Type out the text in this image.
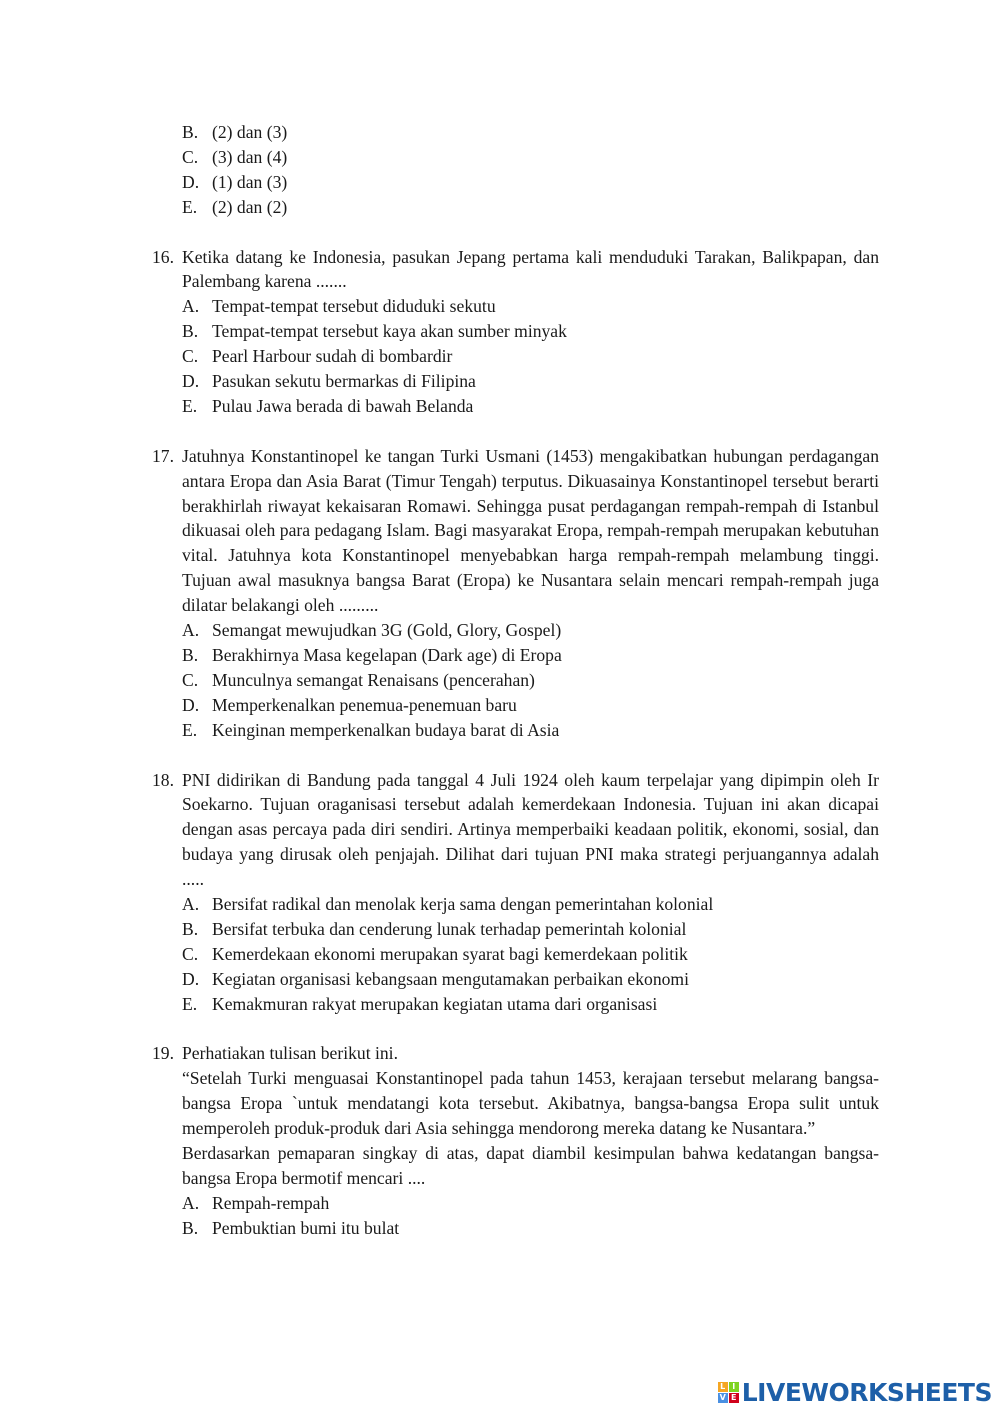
B. (2) dan (3)
C. (3) dan (4)
D. (1) dan (3)
E. (2) dan (2)
16. Ketika datang ke Indonesia, pasukan Jepang pertama kali menduduki Tarakan, Balikpapan, dan Palembang karena .......
A. Tempat-tempat tersebut diduduki sekutu
B. Tempat-tempat tersebut kaya akan sumber minyak
C. Pearl Harbour sudah di bombardir
D. Pasukan sekutu bermarkas di Filipina
E. Pulau Jawa berada di bawah Belanda
17. Jatuhnya Konstantinopel ke tangan Turki Usmani (1453) mengakibatkan hubungan perdagangan antara Eropa dan Asia Barat (Timur Tengah) terputus. Dikuasainya Konstantinopel tersebut berarti berakhirlah riwayat kekaisaran Romawi. Sehingga pusat perdagangan rempah-rempah di Istanbul dikuasai oleh para pedagang Islam. Bagi masyarakat Eropa, rempah-rempah merupakan kebutuhan vital. Jatuhnya kota Konstantinopel menyebabkan harga rempah-rempah melambung tinggi. Tujuan awal masuknya bangsa Barat (Eropa) ke Nusantara selain mencari rempah-rempah juga dilatar belakangi oleh .........
A. Semangat mewujudkan 3G (Gold, Glory, Gospel)
B. Berakhirnya Masa kegelapan (Dark age) di Eropa
C. Munculnya semangat Renaisans (pencerahan)
D. Memperkenalkan penemua-penemuan baru
E. Keinginan memperkenalkan budaya barat di Asia
18. PNI didirikan di Bandung pada tanggal 4 Juli 1924 oleh kaum terpelajar yang dipimpin oleh Ir Soekarno. Tujuan oraganisasi tersebut adalah kemerdekaan Indonesia. Tujuan ini akan dicapai dengan asas percaya pada diri sendiri. Artinya memperbaiki keadaan politik, ekonomi, sosial, dan budaya yang dirusak oleh penjajah. Dilihat dari tujuan PNI maka strategi perjuangannya adalah .....
A. Bersifat radikal dan menolak kerja sama dengan pemerintahan kolonial
B. Bersifat terbuka dan cenderung lunak terhadap pemerintah kolonial
C. Kemerdekaan ekonomi merupakan syarat bagi kemerdekaan politik
D. Kegiatan organisasi kebangsaan mengutamakan perbaikan ekonomi
E. Kemakmuran rakyat merupakan kegiatan utama dari organisasi
19. Perhatiakan tulisan berikut ini.
“Setelah Turki menguasai Konstantinopel pada tahun 1453, kerajaan tersebut melarang bangsa-bangsa Eropa `untuk mendatangi kota tersebut. Akibatnya, bangsa-bangsa Eropa sulit untuk memperoleh produk-produk dari Asia sehingga mendorong mereka datang ke Nusantara.”
Berdasarkan pemaparan singkay di atas, dapat diambil kesimpulan bahwa kedatangan bangsa-bangsa Eropa bermotif mencari ....
A. Rempah-rempah
B. Pembuktian bumi itu bulat
L I
V E LIVEWORKSHEETS
